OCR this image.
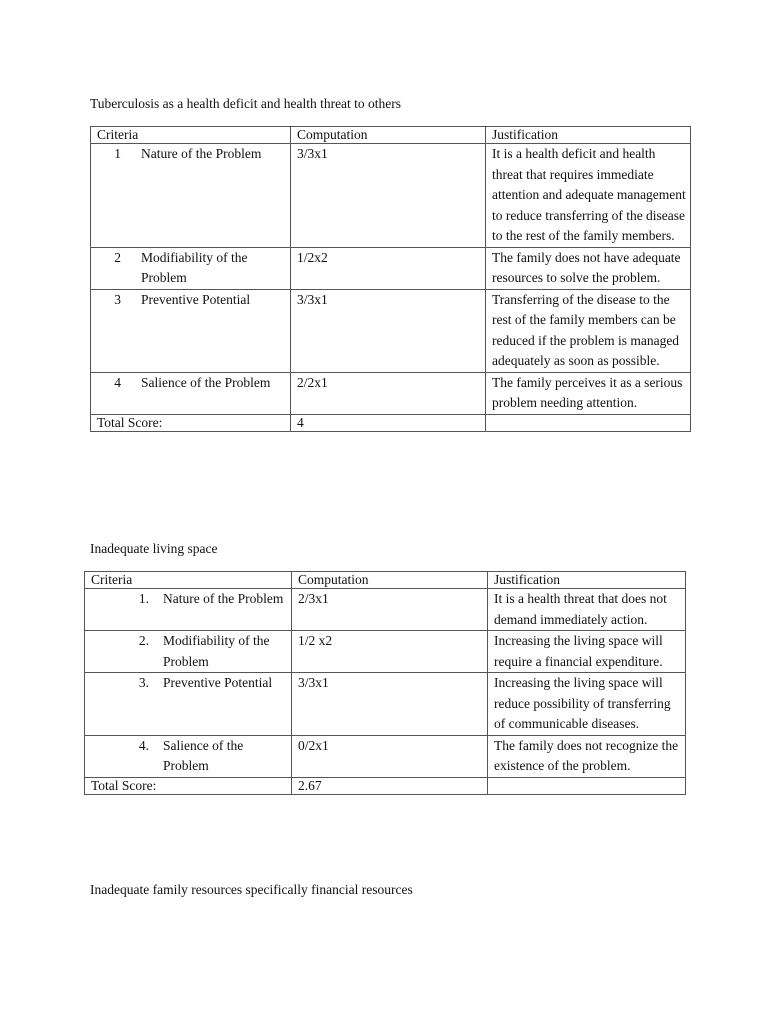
Tuberculosis as a health deficit and health threat to others

Criteria	Computation	Justification

1 Nature of the Problem	3/3x1	It is a health deficit and health threat that requires immediate attention and adequate management to reduce transferring of the disease to the rest of the family members.

2 Modifiability of the Problem	1/2x2	The family does not have adequate resources to solve the problem.

3 Preventive Potential	3/3x1	Transferring of the disease to the rest of the family members can be reduced if the problem is managed adequately as soon as possible.

4 Salience of the Problem	2/2x1	The family perceives it as a serious problem needing attention.
Total Score:	4	

Inadequate living space

Criteria	Computation	Justification

1. Nature of the Problem	2/3x1	It is a health threat that does not demand immediately action.

2. Modifiability of the Problem	1/2 x2	Increasing the living space will require a financial expenditure.

3. Preventive Potential	3/3x1	Increasing the living space will reduce possibility of transferring of communicable diseases.

4. Salience of the Problem	0/2x1	The family does not recognize the existence of the problem.
Total Score:	2.67	

Inadequate family resources specifically financial resources
